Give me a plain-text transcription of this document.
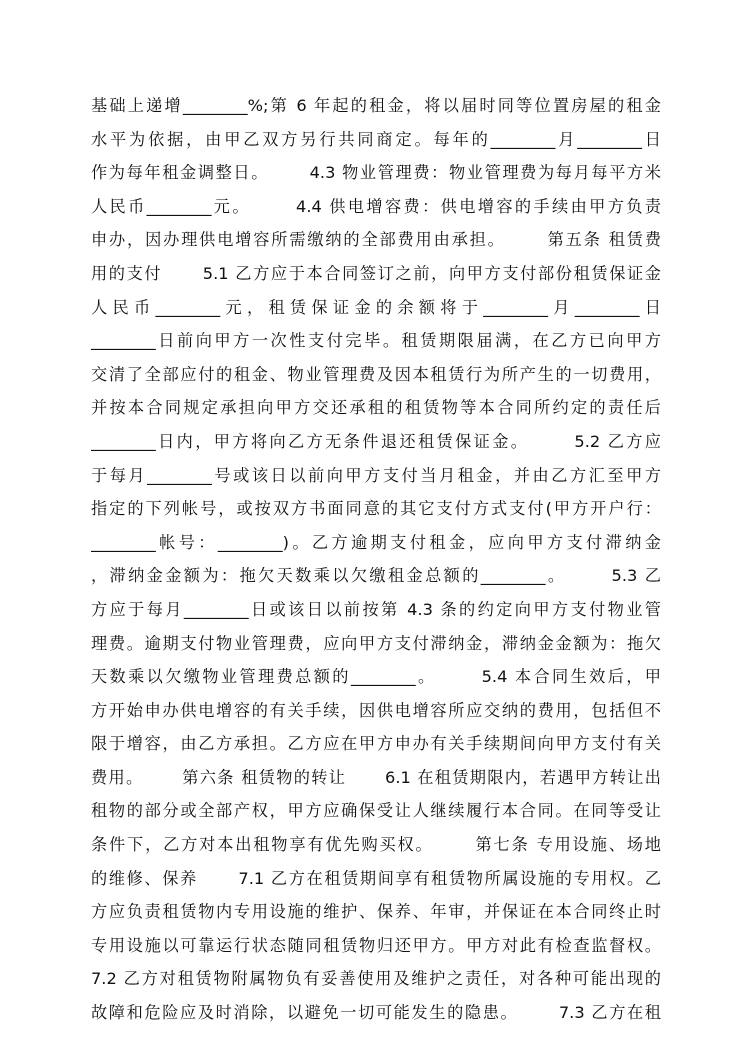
基础上递增________%;第 6 年起的租金，将以届时同等位置房屋的租金
水平为依据，由甲乙双方另行共同商定。每年的________月________日
作为每年租金调整日。      4.3 物业管理费：物业管理费为每月每平方米
人民币________元。      4.4 供电增容费：供电增容的手续由甲方负责
申办，因办理供电增容所需缴纳的全部费用由承担。      第五条 租赁费
用的支付      5.1 乙方应于本合同签订之前，向甲方支付部份租赁保证金
人民币________元，租赁保证金的余额将于________月________日
________日前向甲方一次性支付完毕。租赁期限届满，在乙方已向甲方
交清了全部应付的租金、物业管理费及因本租赁行为所产生的一切费用，
并按本合同规定承担向甲方交还承租的租赁物等本合同所约定的责任后
________日内，甲方将向乙方无条件退还租赁保证金。      5.2 乙方应
于每月________号或该日以前向甲方支付当月租金，并由乙方汇至甲方
指定的下列帐号，或按双方书面同意的其它支付方式支付(甲方开户行：
________帐号：________)。乙方逾期支付租金，应向甲方支付滞纳金
，滞纳金金额为：拖欠天数乘以欠缴租金总额的________。      5.3 乙
方应于每月________日或该日以前按第 4.3 条的约定向甲方支付物业管
理费。逾期支付物业管理费，应向甲方支付滞纳金，滞纳金金额为：拖欠
天数乘以欠缴物业管理费总额的________。      5.4 本合同生效后，甲
方开始申办供电增容的有关手续，因供电增容所应交纳的费用，包括但不
限于增容，由乙方承担。乙方应在甲方申办有关手续期间向甲方支付有关
费用。      第六条 租赁物的转让      6.1 在租赁期限内，若遇甲方转让出
租物的部分或全部产权，甲方应确保受让人继续履行本合同。在同等受让
条件下，乙方对本出租物享有优先购买权。      第七条 专用设施、场地
的维修、保养      7.1 乙方在租赁期间享有租赁物所属设施的专用权。乙
方应负责租赁物内专用设施的维护、保养、年审，并保证在本合同终止时
专用设施以可靠运行状态随同租赁物归还甲方。甲方对此有检查监督权。
7.2 乙方对租赁物附属物负有妥善使用及维护之责任，对各种可能出现的
故障和危险应及时消除，以避免一切可能发生的隐患。      7.3 乙方在租
